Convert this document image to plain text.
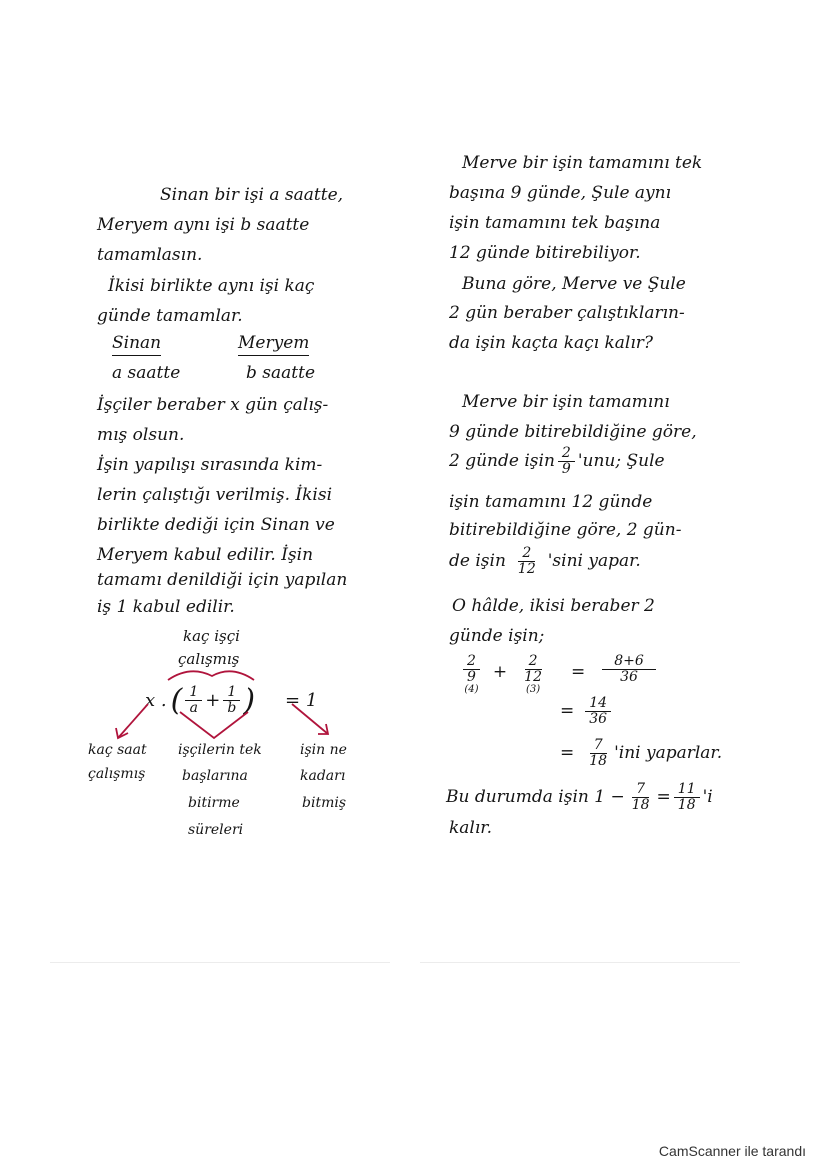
Sinan bir işi a saatte,
Meryem aynı işi b saatte
tamamlasın.
İkisi birlikte aynı işi kaç
günde tamamlar.
Sinan	Meryem
a saatte	b saatte
İşçiler beraber x gün çalış-
mış olsun.
İşin yapılışı sırasında kim-
lerin çalıştığı verilmiş. İkisi
birlikte dediği için Sinan ve
Meryem kabul edilir. İşin
tamamı denildiği için yapılan
iş 1 kabul edilir.
kaç işçi
çalışmış
x . ( $\frac{1}{a} + \frac{1}{b}$ ) = 1
kaç saat
çalışmış
işçilerin tek
başlarına
bitirme
süreleri
işin ne
kadarı
bitmiş
Merve bir işin tamamını tek
başına 9 günde, Şule aynı
işin tamamını tek başına
12 günde bitirebiliyor.
Buna göre, Merve ve Şule
2 gün beraber çalıştıkların-
da işin kaçta kaçı kalır?
Merve bir işin tamamını
9 günde bitirebildiğine göre,
2 günde işin $\frac{2}{9}$ 'unu; Şule
işin tamamını 12 günde
bitirebildiğine göre, 2 gün-
de işin $\frac{2}{12}$ 'sini yapar.
O hâlde, ikisi beraber 2
günde işin;
$\frac{2}{9}$
(4)
+ $\frac{2}{12}$
(3)
= $\frac{8+6}{36}$
= $\frac{14}{36}$
= $\frac{7}{18}$ 'ini yaparlar.
Bu durumda işin $1 - \frac{7}{18} = \frac{11}{18}$ 'i
kalır.
CamScanner ile tarandı
